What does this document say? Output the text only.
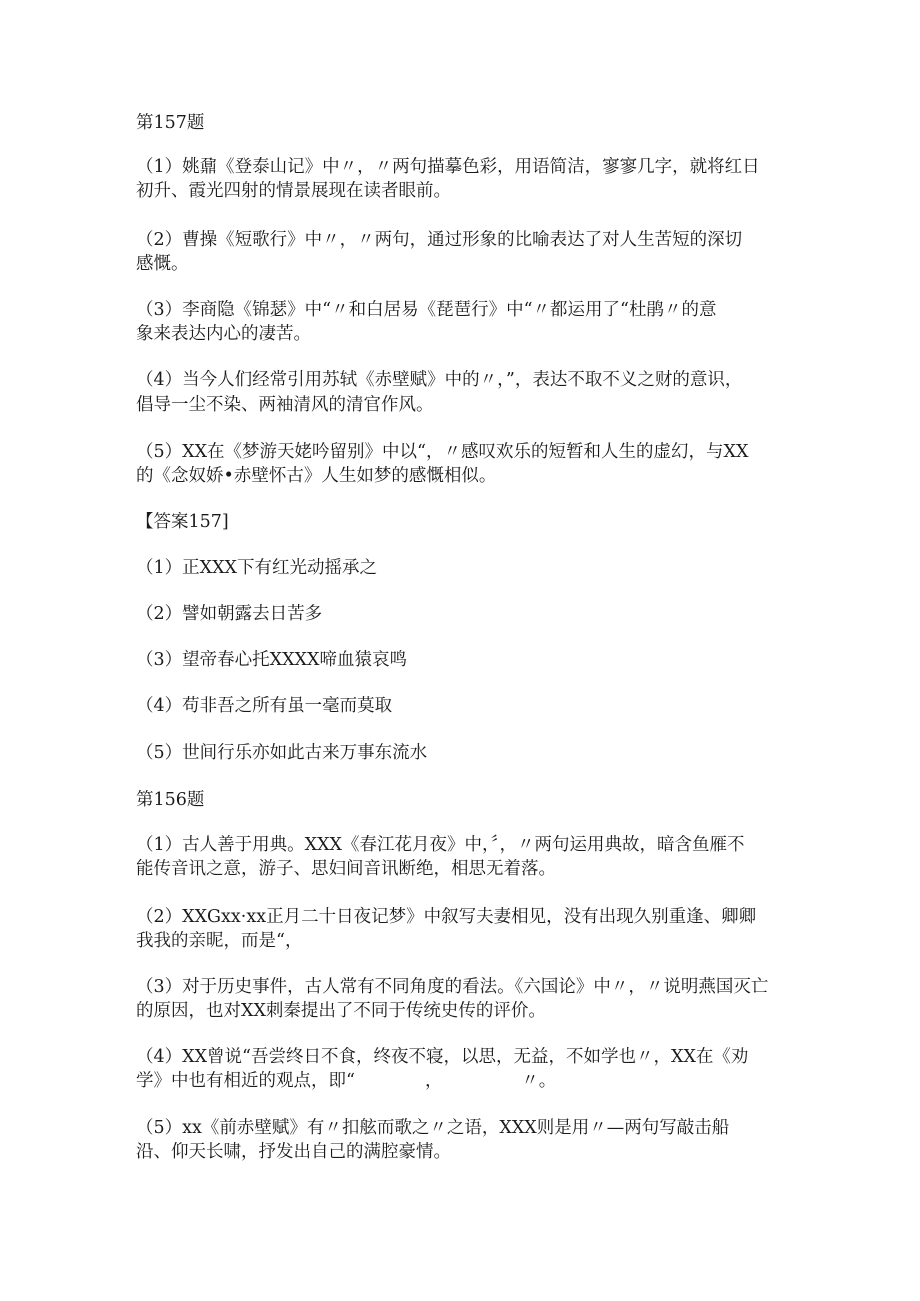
第157题
（1）姚鼐《登泰山记》中〃，〃两句描摹色彩，用语简洁，寥寥几字，就将红日
初升、霞光四射的情景展现在读者眼前。
（2）曹操《短歌行》中〃，〃两句，通过形象的比喻表达了对人生苦短的深切
感慨。
（3）李商隐《锦瑟》中“〃和白居易《琵琶行》中“〃都运用了“杜鹃〃的意
象来表达内心的凄苦。
（4）当今人们经常引用苏轼《赤壁赋》中的〃，”，表达不取不义之财的意识，
倡导一尘不染、两袖清风的清官作风。
（5）XX在《梦游天姥吟留别》中以“，〃感叹欢乐的短暂和人生的虚幻，与XX
的《念奴娇•赤壁怀古》人生如梦的感慨相似。
【答案157]
（1）正XXX下有红光动摇承之
（2）譬如朝露去日苦多
（3）望帝春心托XXXX啼血猿哀鸣
（4）苟非吾之所有虽一毫而莫取
（5）世间行乐亦如此古来万事东流水
第156题
（1）古人善于用典。XXX《春江花月夜》中，〞，〃两句运用典故，暗含鱼雁不
能传音讯之意，游子、思妇间音讯断绝，相思无着落。
（2）XXGxx·xx正月二十日夜记梦》中叙写夫妻相见，没有出现久别重逢、卿卿
我我的亲昵，而是“，
（3）对于历史事件，古人常有不同角度的看法。《六国论》中〃，〃说明燕国灭亡
的原因，也对XX刺秦提出了不同于传统史传的评价。
（4）XX曾说“吾尝终日不食，终夜不寝，以思，无益，不如学也〃，XX在《劝
学》中也有相近的观点，即“　　　　，　　　　　〃。
（5）xx《前赤壁赋》有〃扣舷而歌之〃之语，XXX则是用〃—两句写敲击船
沿、仰天长啸，抒发出自己的满腔豪情。
